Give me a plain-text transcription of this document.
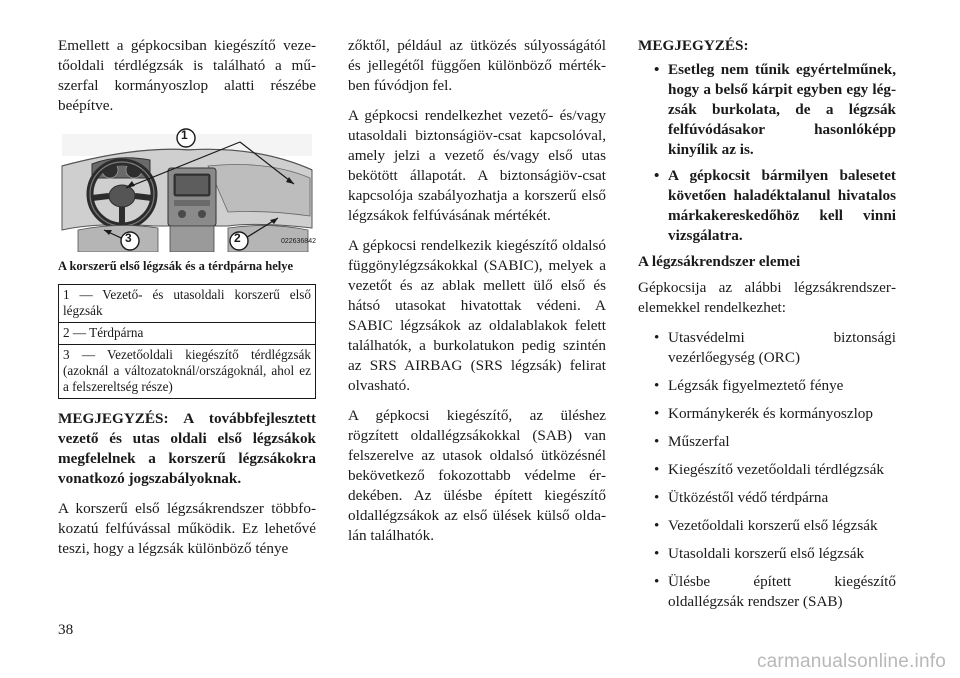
Emellett a gépkocsiban kiegészítő vezetőoldali térdlégzsák is található a műszerfal kormányoszlop alatti részébe beépítve.

1
2
3	022636842
A korszerű első légzsák és a térdpárna helye
1 — Vezető- és utasoldali korszerű első légzsák
2 — Térdpárna
3 — Vezetőoldali kiegészítő térdlégzsák (azoknál a változatoknál/országoknál, ahol ez a felszereltség része)

MEGJEGYZÉS: A továbbfejlesztett vezető és utas oldali első légzsákok megfelelnek a korszerű légzsákokra vonatkozó jogszabályoknak.

A korszerű első légzsákrendszer többfokozatú felfúvással működik. Ez lehetővé teszi, hogy a légzsák különböző ténye

zőktől, például az ütközés súlyosságától és jellegétől függően különböző mértékben fúvódjon fel.

A gépkocsi rendelkezhet vezető- és/vagy utasoldali biztonságiöv-csat kapcsolóval, amely jelzi a vezető és/vagy első utas bekötött állapotát. A biztonságiöv-csat kapcsolója szabályozhatja a korszerű első légzsákok felfúvásának mértékét.

A gépkocsi rendelkezik kiegészítő oldalsó függönylégzsákokkal (SABIC), melyek a vezetőt és az ablak mellett ülő első és hátsó utasokat hivatottak védeni. A SABIC légzsákok az oldalablakok felett találhatók, a burkolatukon pedig szintén az SRS AIRBAG (SRS légzsák) felirat olvasható.

A gépkocsi kiegészítő, az üléshez rögzített oldallégzsákokkal (SAB) van felszerelve az utasok oldalsó ütközésnél bekövetkező fokozottabb védelme érdekében. Az ülésbe épített kiegészítő oldallégzsákok az első ülések külső oldalán találhatók.

MEGJEGYZÉS:
• Esetleg nem tűnik egyértelműnek, hogy a belső kárpit egyben egy légzsák burkolata, de a légzsák felfúvódásakor hasonlóképp kinyílik az is.
• A gépkocsit bármilyen balesetet követően haladéktalanul hivatalos márkakereskedőhöz kell vinni vizsgálatra.
A légzsákrendszer elemei

Gépkocsija az alábbi légzsákrendszerelemekkel rendelkezhet:

• Utasvédelmi biztonsági vezérlőegység (ORC)
• Légzsák figyelmeztető fénye
• Kormánykerék és kormányoszlop
• Műszerfal
• Kiegészítő vezetőoldali térdlégzsák
• Ütközéstől védő térdpárna
• Vezetőoldali korszerű első légzsák
• Utasoldali korszerű első légzsák
• Ülésbe épített kiegészítő oldallégzsák rendszer (SAB)
38
carmanualsonline.info
